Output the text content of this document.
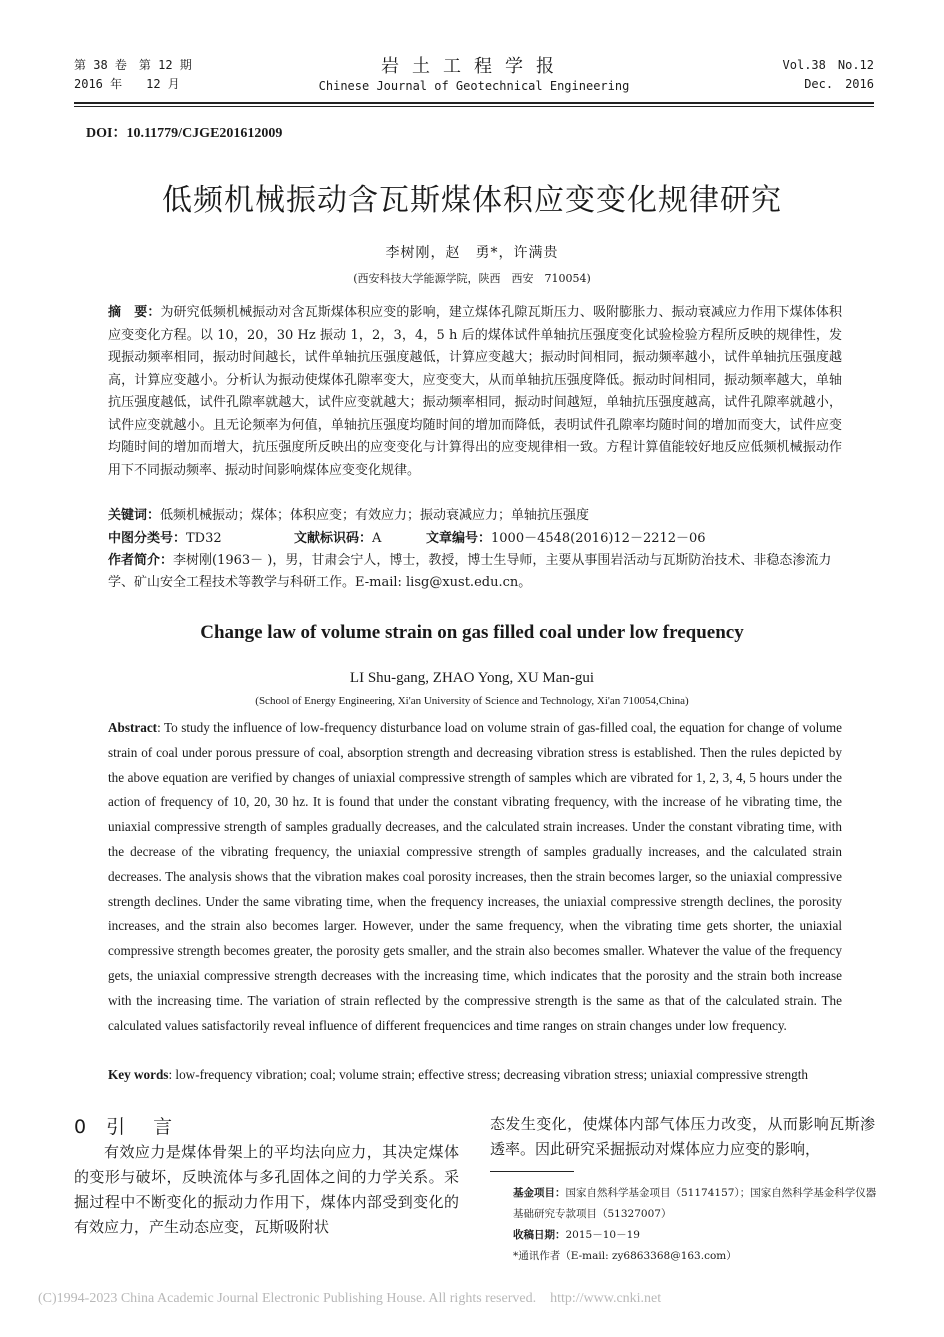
第 38 卷　第 12 期
2016 年　　12 月
岩土工程学报
Chinese Journal of Geotechnical Engineering
Vol.38　No.12
Dec.　2016
DOI：10.11779/CJGE201612009
低频机械振动含瓦斯煤体积应变变化规律研究
李树刚，赵　勇*，许满贵
(西安科技大学能源学院，陕西　西安　710054)
摘　要：为研究低频机械振动对含瓦斯煤体积应变的影响，建立煤体孔隙瓦斯压力、吸附膨胀力、振动衰减应力作用下煤体体积应变变化方程。以 10，20，30 Hz 振动 1，2，3，4，5 h 后的煤体试件单轴抗压强度变化试验检验方程所反映的规律性，发现振动频率相同，振动时间越长，试件单轴抗压强度越低，计算应变越大；振动时间相同，振动频率越小，试件单轴抗压强度越高，计算应变越小。分析认为振动使煤体孔隙率变大，应变变大，从而单轴抗压强度降低。振动时间相同，振动频率越大，单轴抗压强度越低，试件孔隙率就越大，试件应变就越大；振动频率相同，振动时间越短，单轴抗压强度越高，试件孔隙率就越小，试件应变就越小。且无论频率为何值，单轴抗压强度均随时间的增加而降低，表明试件孔隙率均随时间的增加而变大，试件应变均随时间的增加而增大，抗压强度所反映出的应变变化与计算得出的应变规律相一致。方程计算值能较好地反应低频机械振动作用下不同振动频率、振动时间影响煤体应变变化规律。
关键词：低频机械振动；煤体；体积应变；有效应力；振动衰减应力；单轴抗压强度
中图分类号：TD32	文献标识码：A	文章编号：1000－4548(2016)12－2212－06
作者简介：李树刚(1963－ )，男，甘肃会宁人，博士，教授，博士生导师，主要从事围岩活动与瓦斯防治技术、非稳态渗流力学、矿山安全工程技术等教学与科研工作。E-mail: lisg@xust.edu.cn。
Change law of volume strain on gas filled coal under low frequency
LI Shu-gang, ZHAO Yong, XU Man-gui
(School of Energy Engineering, Xi'an University of Science and Technology, Xi'an 710054,China)
Abstract: To study the influence of low-frequency disturbance load on volume strain of gas-filled coal, the equation for change of volume strain of coal under porous pressure of coal, absorption strength and decreasing vibration stress is established. Then the rules depicted by the above equation are verified by changes of uniaxial compressive strength of samples which are vibrated for 1, 2, 3, 4, 5 hours under the action of frequency of 10, 20, 30 hz. It is found that under the constant vibrating frequency, with the increase of he vibrating time, the uniaxial compressive strength of samples gradually decreases, and the calculated strain increases. Under the constant vibrating time, with the decrease of the vibrating frequency, the uniaxial compressive strength of samples gradually increases, and the calculated strain decreases. The analysis shows that the vibration makes coal porosity increases, then the strain becomes larger, so the uniaxial compressive strength declines. Under the same vibrating time, when the frequency increases, the uniaxial compressive strength declines, the porosity increases, and the strain also becomes larger. However, under the same frequency, when the vibrating time gets shorter, the uniaxial compressive strength becomes greater, the porosity gets smaller, and the strain also becomes smaller. Whatever the value of the frequency gets, the uniaxial compressive strength decreases with the increasing time, which indicates that the porosity and the strain both increase with the increasing time. The variation of strain reflected by the compressive strength is the same as that of the calculated strain. The calculated values satisfactorily reveal influence of different frequencices and time ranges on strain changes under low frequency.
Key words: low-frequency vibration; coal; volume strain; effective stress; decreasing vibration stress; uniaxial compressive strength
0 引言

有效应力是煤体骨架上的平均法向应力，其决定煤体的变形与破坏，反映流体与多孔固体之间的力学关系。采掘过程中不断变化的振动力作用下，煤体内部受到变化的有效应力，产生动态应变，瓦斯吸附状

态发生变化，使煤体内部气体压力改变，从而影响瓦斯渗透率。因此研究采掘振动对煤体应力应变的影响，

基金项目：国家自然科学基金项目（51174157）；国家自然科学基金科学仪器基础研究专款项目（51327007）
收稿日期：2015－10－19
*通讯作者（E-mail: zy6863368@163.com）
(C)1994-2023 China Academic Journal Electronic Publishing House. All rights reserved.    http://www.cnki.net
